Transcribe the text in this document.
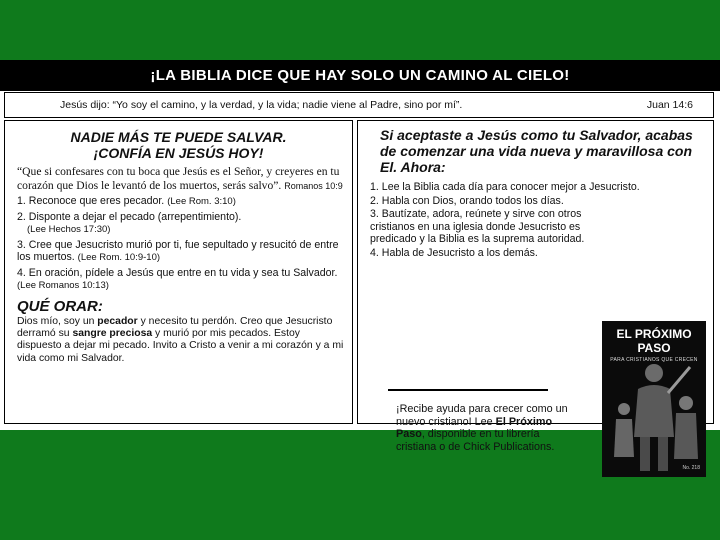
¡LA BIBLIA DICE QUE HAY SOLO UN CAMINO AL CIELO!
Jesús dijo: “Yo soy el camino, y la verdad, y la vida; nadie viene al Padre, sino por mí”.	Juan 14:6
NADIE MÁS TE PUEDE SALVAR.
¡CONFÍA EN JESÚS HOY!
“Que si confesares con tu boca que Jesús es el Señor, y creyeres en tu corazón que Dios le levantó de los muertos, serás salvo”. Romanos 10:9
1. Reconoce que eres pecador. (Lee Rom. 3:10)
2. Disponte a dejar el pecado (arrepentimiento).
(Lee Hechos 17:30)
3. Cree que Jesucristo murió por ti, fue sepultado y resucitó de entre los muertos. (Lee Rom. 10:9-10)
4. En oración, pídele a Jesús que entre en tu vida y sea tu Salvador. (Lee Romanos 10:13)
QUÉ ORAR:
Dios mío, soy un pecador y necesito tu perdón. Creo que Jesucristo derramó su sangre preciosa y murió por mis pecados. Estoy dispuesto a dejar mi pecado. Invito a Cristo a venir a mi corazón y a mi vida como mi Salvador.
Si aceptaste a Jesús como tu Salvador, acabas de comenzar una vida nueva y maravillosa con El. Ahora:
1. Lee la Biblia cada día para conocer mejor a Jesucristo.
2. Habla con Dios, orando todos los días.
3. Bautízate, adora, reúnete y sirve con otros cristianos en una iglesia donde Jesucristo es predicado y la Biblia es la suprema autoridad.
4. Habla de Jesucristo a los demás.
¡Recibe ayuda para crecer como un nuevo cristiano! Lee El Próximo Paso, disponible en tu librería cristiana o de Chick Publications.
EL PRÓXIMO PASO
PARA CRISTIANOS QUE CRECEN
No. 218
